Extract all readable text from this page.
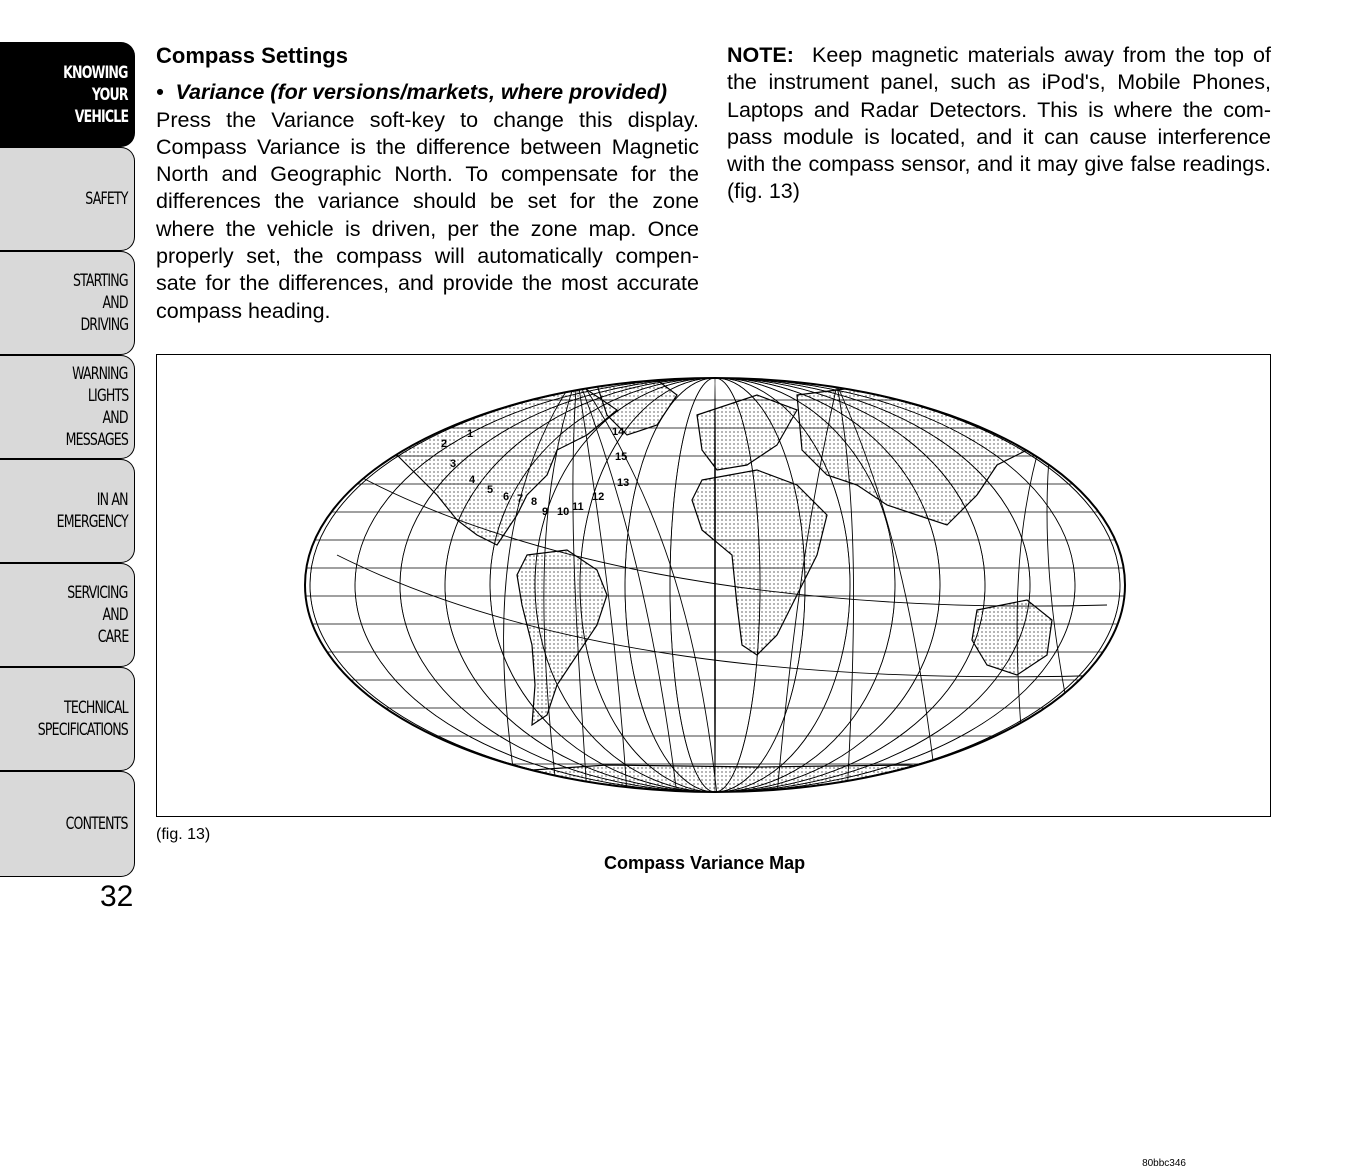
KNOWING
YOUR
VEHICLE
SAFETY
STARTING
AND
DRIVING
WARNING
LIGHTS
AND
MESSAGES
IN AN
EMERGENCY
SERVICING
AND
CARE
TECHNICAL
SPECIFICATIONS
CONTENTS
32
Compass Settings
•  Variance (for versions/markets, where provided)
Press the Variance soft-key to change this display. Compass Variance is the difference between Magnetic North and Geographic North. To compensate for the differences the variance should be set for the zone where the vehicle is driven, per the zone map. Once properly set, the compass will automatically compen-sate for the differences, and provide the most accurate compass heading.
NOTE: Keep magnetic materials away from the top of the instrument panel, such as iPod's, Mobile Phones, Laptops and Radar Detectors. This is where the com-pass module is located, and it can cause interference with the compass sensor, and it may give false readings. (fig. 13)
1
2
3
4
5
6 7 8
9 10 11
12
13
14
15
80bbc346
(fig. 13)
Compass Variance Map
